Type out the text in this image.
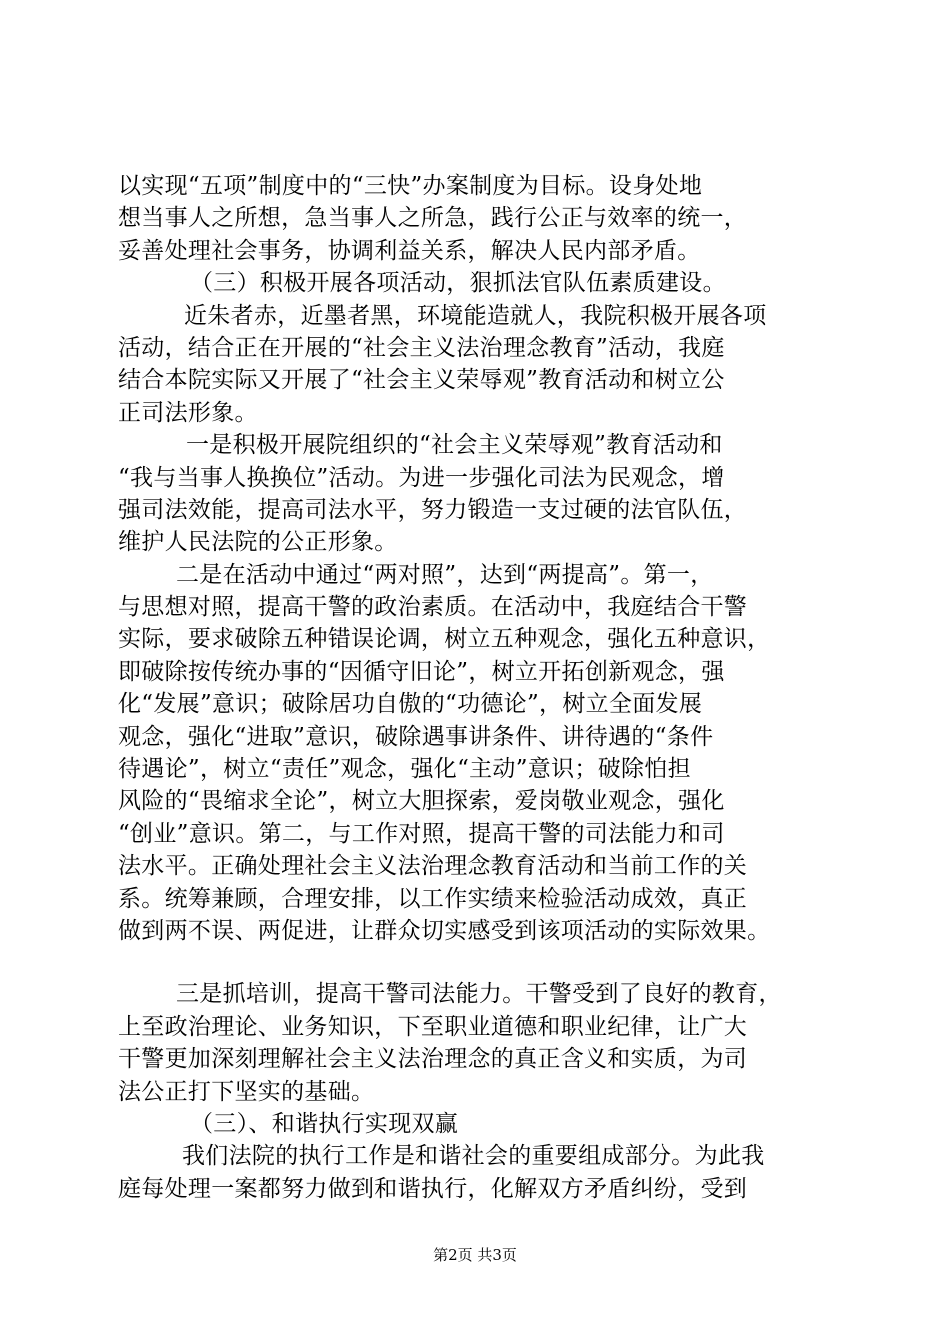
以实现“五项”制度中的“三快”办案制度为目标。设身处地
想当事人之所想，急当事人之所急，践行公正与效率的统一，
妥善处理社会事务，协调利益关系，解决人民内部矛盾。
（三）积极开展各项活动，狠抓法官队伍素质建设。
近朱者赤，近墨者黑，环境能造就人，我院积极开展各项
活动，结合正在开展的“社会主义法治理念教育”活动，我庭
结合本院实际又开展了“社会主义荣辱观”教育活动和树立公
正司法形象。
一是积极开展院组织的“社会主义荣辱观”教育活动和
“我与当事人换换位”活动。为进一步强化司法为民观念，增
强司法效能，提高司法水平，努力锻造一支过硬的法官队伍，
维护人民法院的公正形象。
二是在活动中通过“两对照”，达到“两提高”。第一，
与思想对照，提高干警的政治素质。在活动中，我庭结合干警
实际，要求破除五种错误论调，树立五种观念，强化五种意识，
即破除按传统办事的“因循守旧论”，树立开拓创新观念，强
化“发展”意识；破除居功自傲的“功德论”，树立全面发展
观念，强化“进取”意识，破除遇事讲条件、讲待遇的“条件
待遇论”，树立“责任”观念，强化“主动”意识；破除怕担
风险的“畏缩求全论”，树立大胆探索，爱岗敬业观念，强化
“创业”意识。第二，与工作对照，提高干警的司法能力和司
法水平。正确处理社会主义法治理念教育活动和当前工作的关
系。统筹兼顾，合理安排，以工作实绩来检验活动成效，真正
做到两不误、两促进，让群众切实感受到该项活动的实际效果。
三是抓培训，提高干警司法能力。干警受到了良好的教育，
上至政治理论、业务知识，下至职业道德和职业纪律，让广大
干警更加深刻理解社会主义法治理念的真正含义和实质，为司
法公正打下坚实的基础。
（三）、和谐执行实现双赢
我们法院的执行工作是和谐社会的重要组成部分。为此我
庭每处理一案都努力做到和谐执行，化解双方矛盾纠纷，受到
第2页 共3页
